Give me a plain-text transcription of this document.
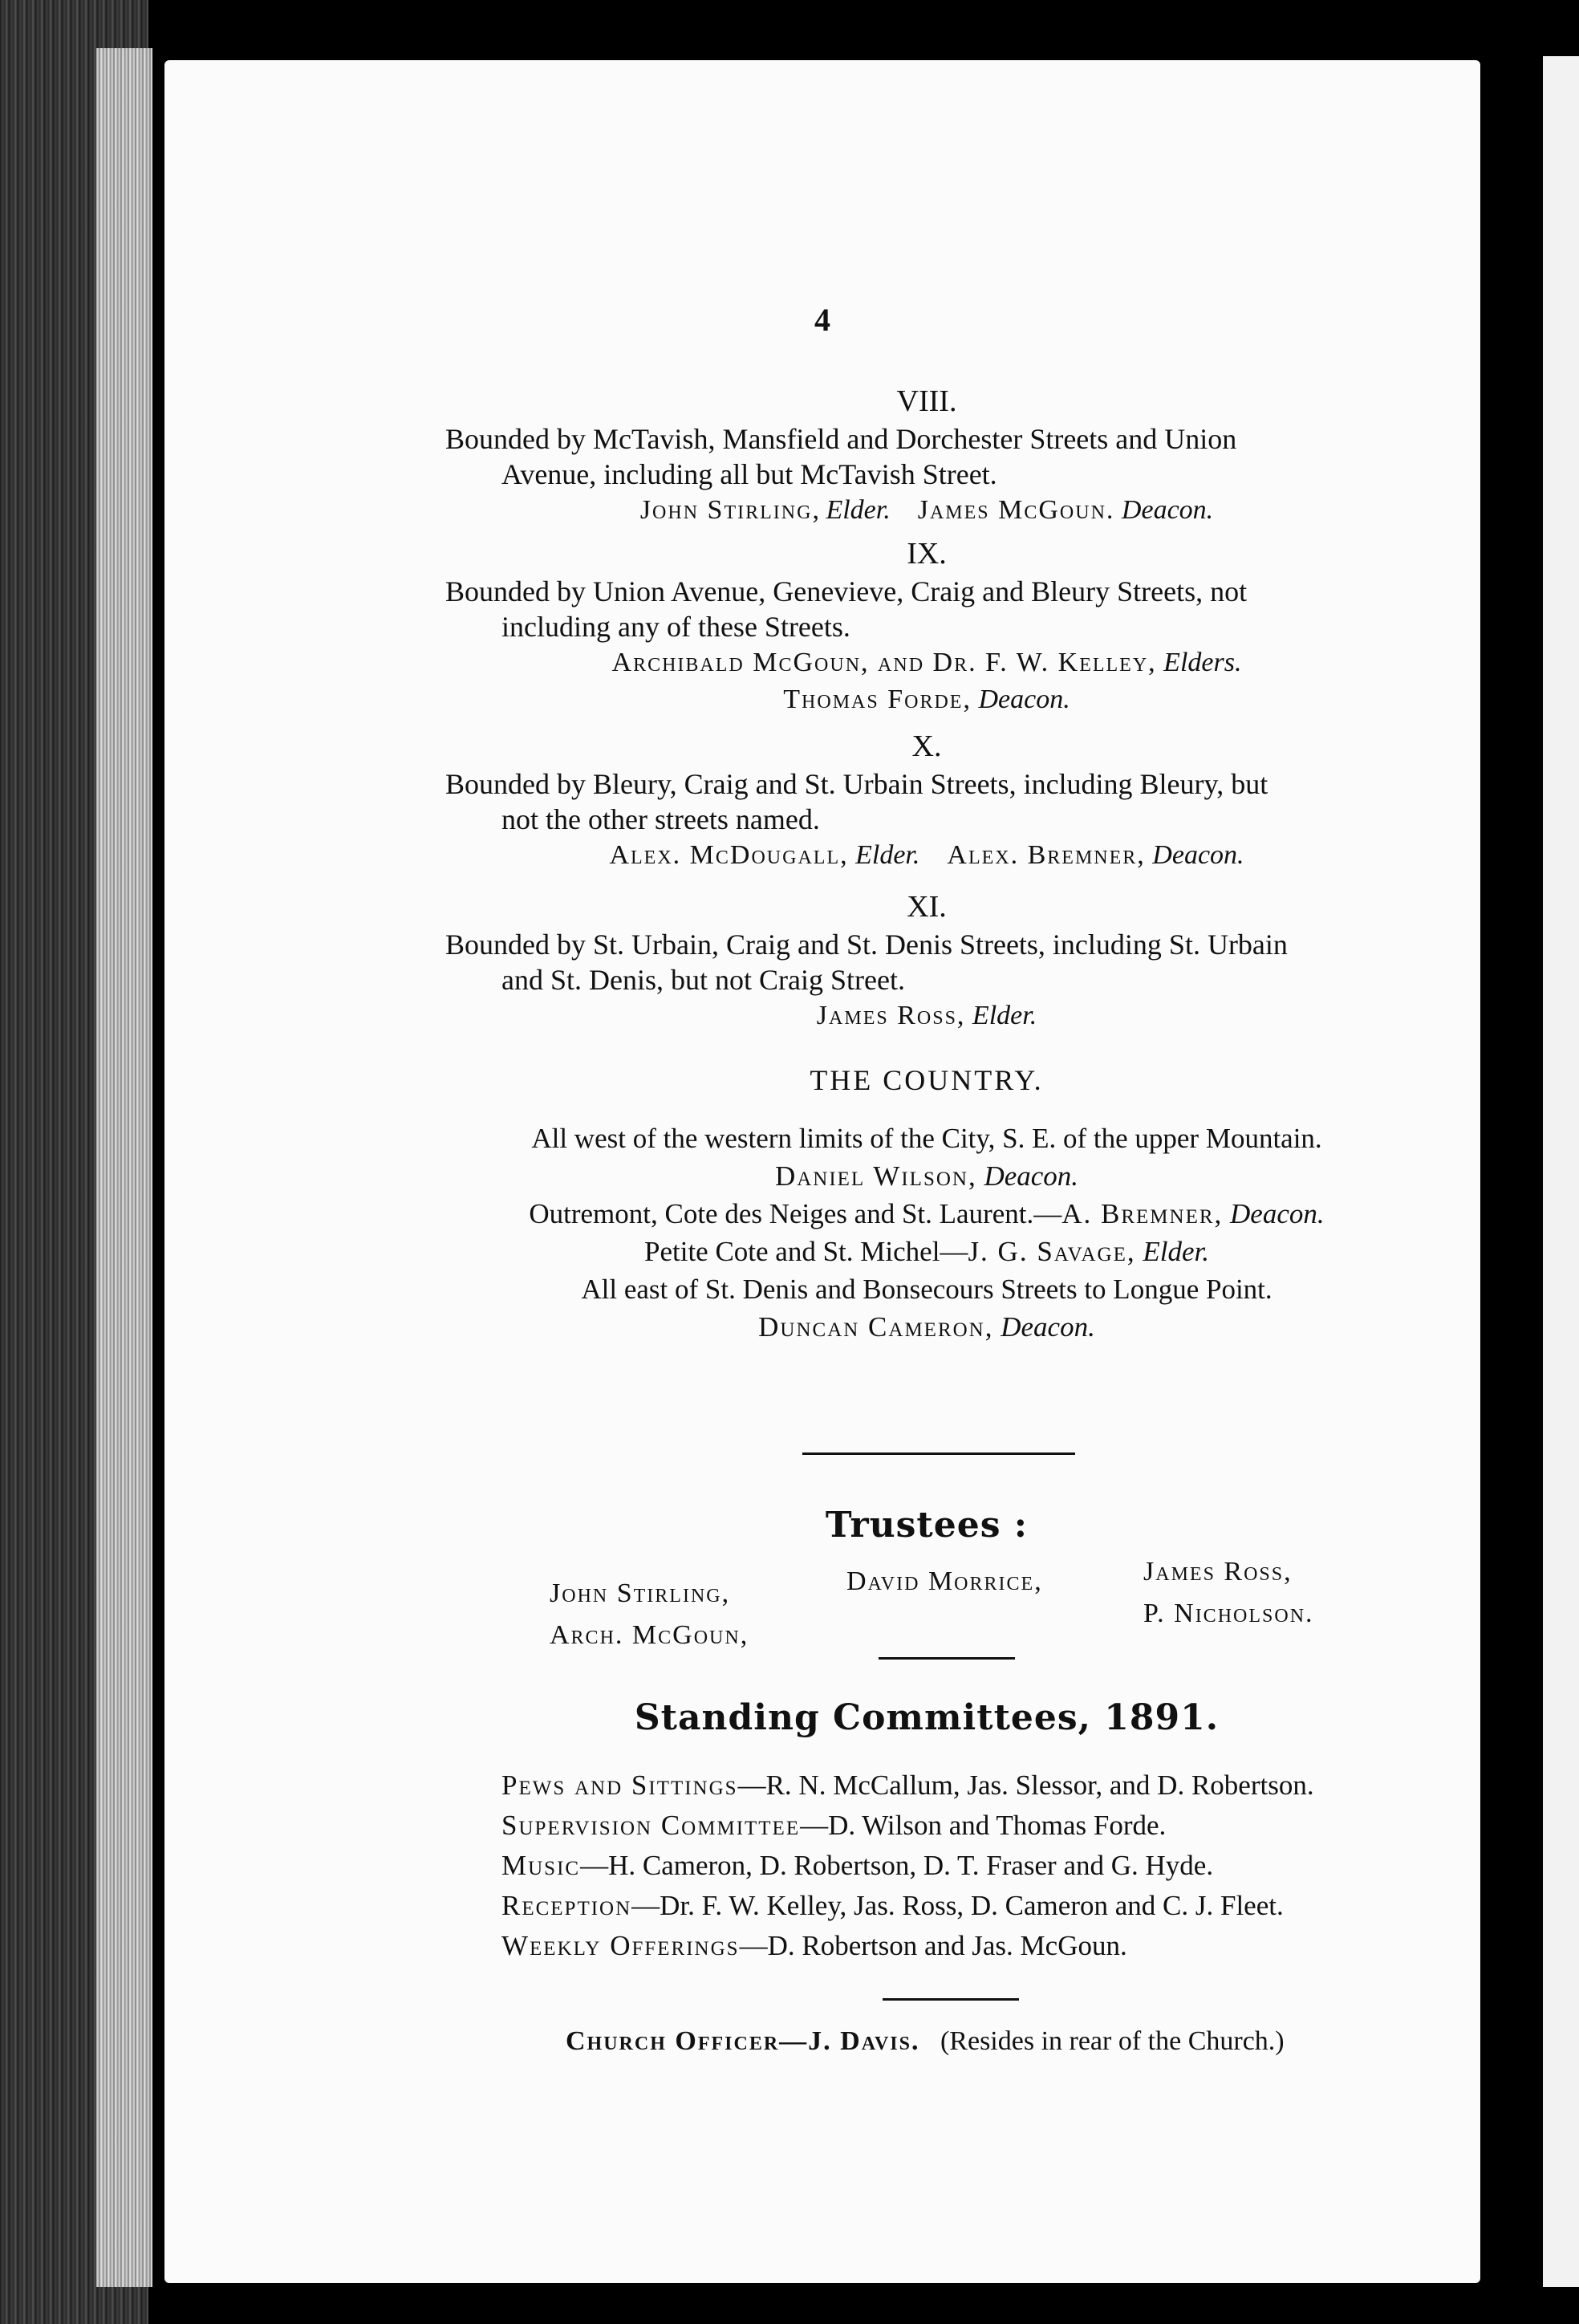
4

VIII.

Bounded by McTavish, Mansfield and Dorchester Streets and Union
Avenue, including all but McTavish Street.

John Stirling, Elder. James McGoun. Deacon.

IX.

Bounded by Union Avenue, Genevieve, Craig and Bleury Streets, not
including any of these Streets.

Archibald McGoun, and Dr. F. W. Kelley, Elders.

Thomas Forde, Deacon.

X.

Bounded by Bleury, Craig and St. Urbain Streets, including Bleury, but
not the other streets named.

Alex. McDougall, Elder. Alex. Bremner, Deacon.

XI.

Bounded by St. Urbain, Craig and St. Denis Streets, including St. Urbain
and St. Denis, but not Craig Street.

James Ross, Elder.

THE COUNTRY.

All west of the western limits of the City, S. E. of the upper Mountain.

Daniel Wilson, Deacon.

Outremont, Cote des Neiges and St. Laurent.—A. Bremner, Deacon.

Petite Cote and St. Michel—J. G. Savage, Elder.

All east of St. Denis and Bonsecours Streets to Longue Point.

Duncan Cameron, Deacon.

Trustees :
John Stirling,
Arch. McGoun,
David Morrice,	James Ross,
P. Nicholson.
Standing Committees, 1891.

Pews and Sittings—R. N. McCallum, Jas. Slessor, and D. Robertson.

Supervision Committee—D. Wilson and Thomas Forde.

Music—H. Cameron, D. Robertson, D. T. Fraser and G. Hyde.

Reception—Dr. F. W. Kelley, Jas. Ross, D. Cameron and C. J. Fleet.

Weekly Offerings—D. Robertson and Jas. McGoun.

Church Officer—J. Davis. (Resides in rear of the Church.)
